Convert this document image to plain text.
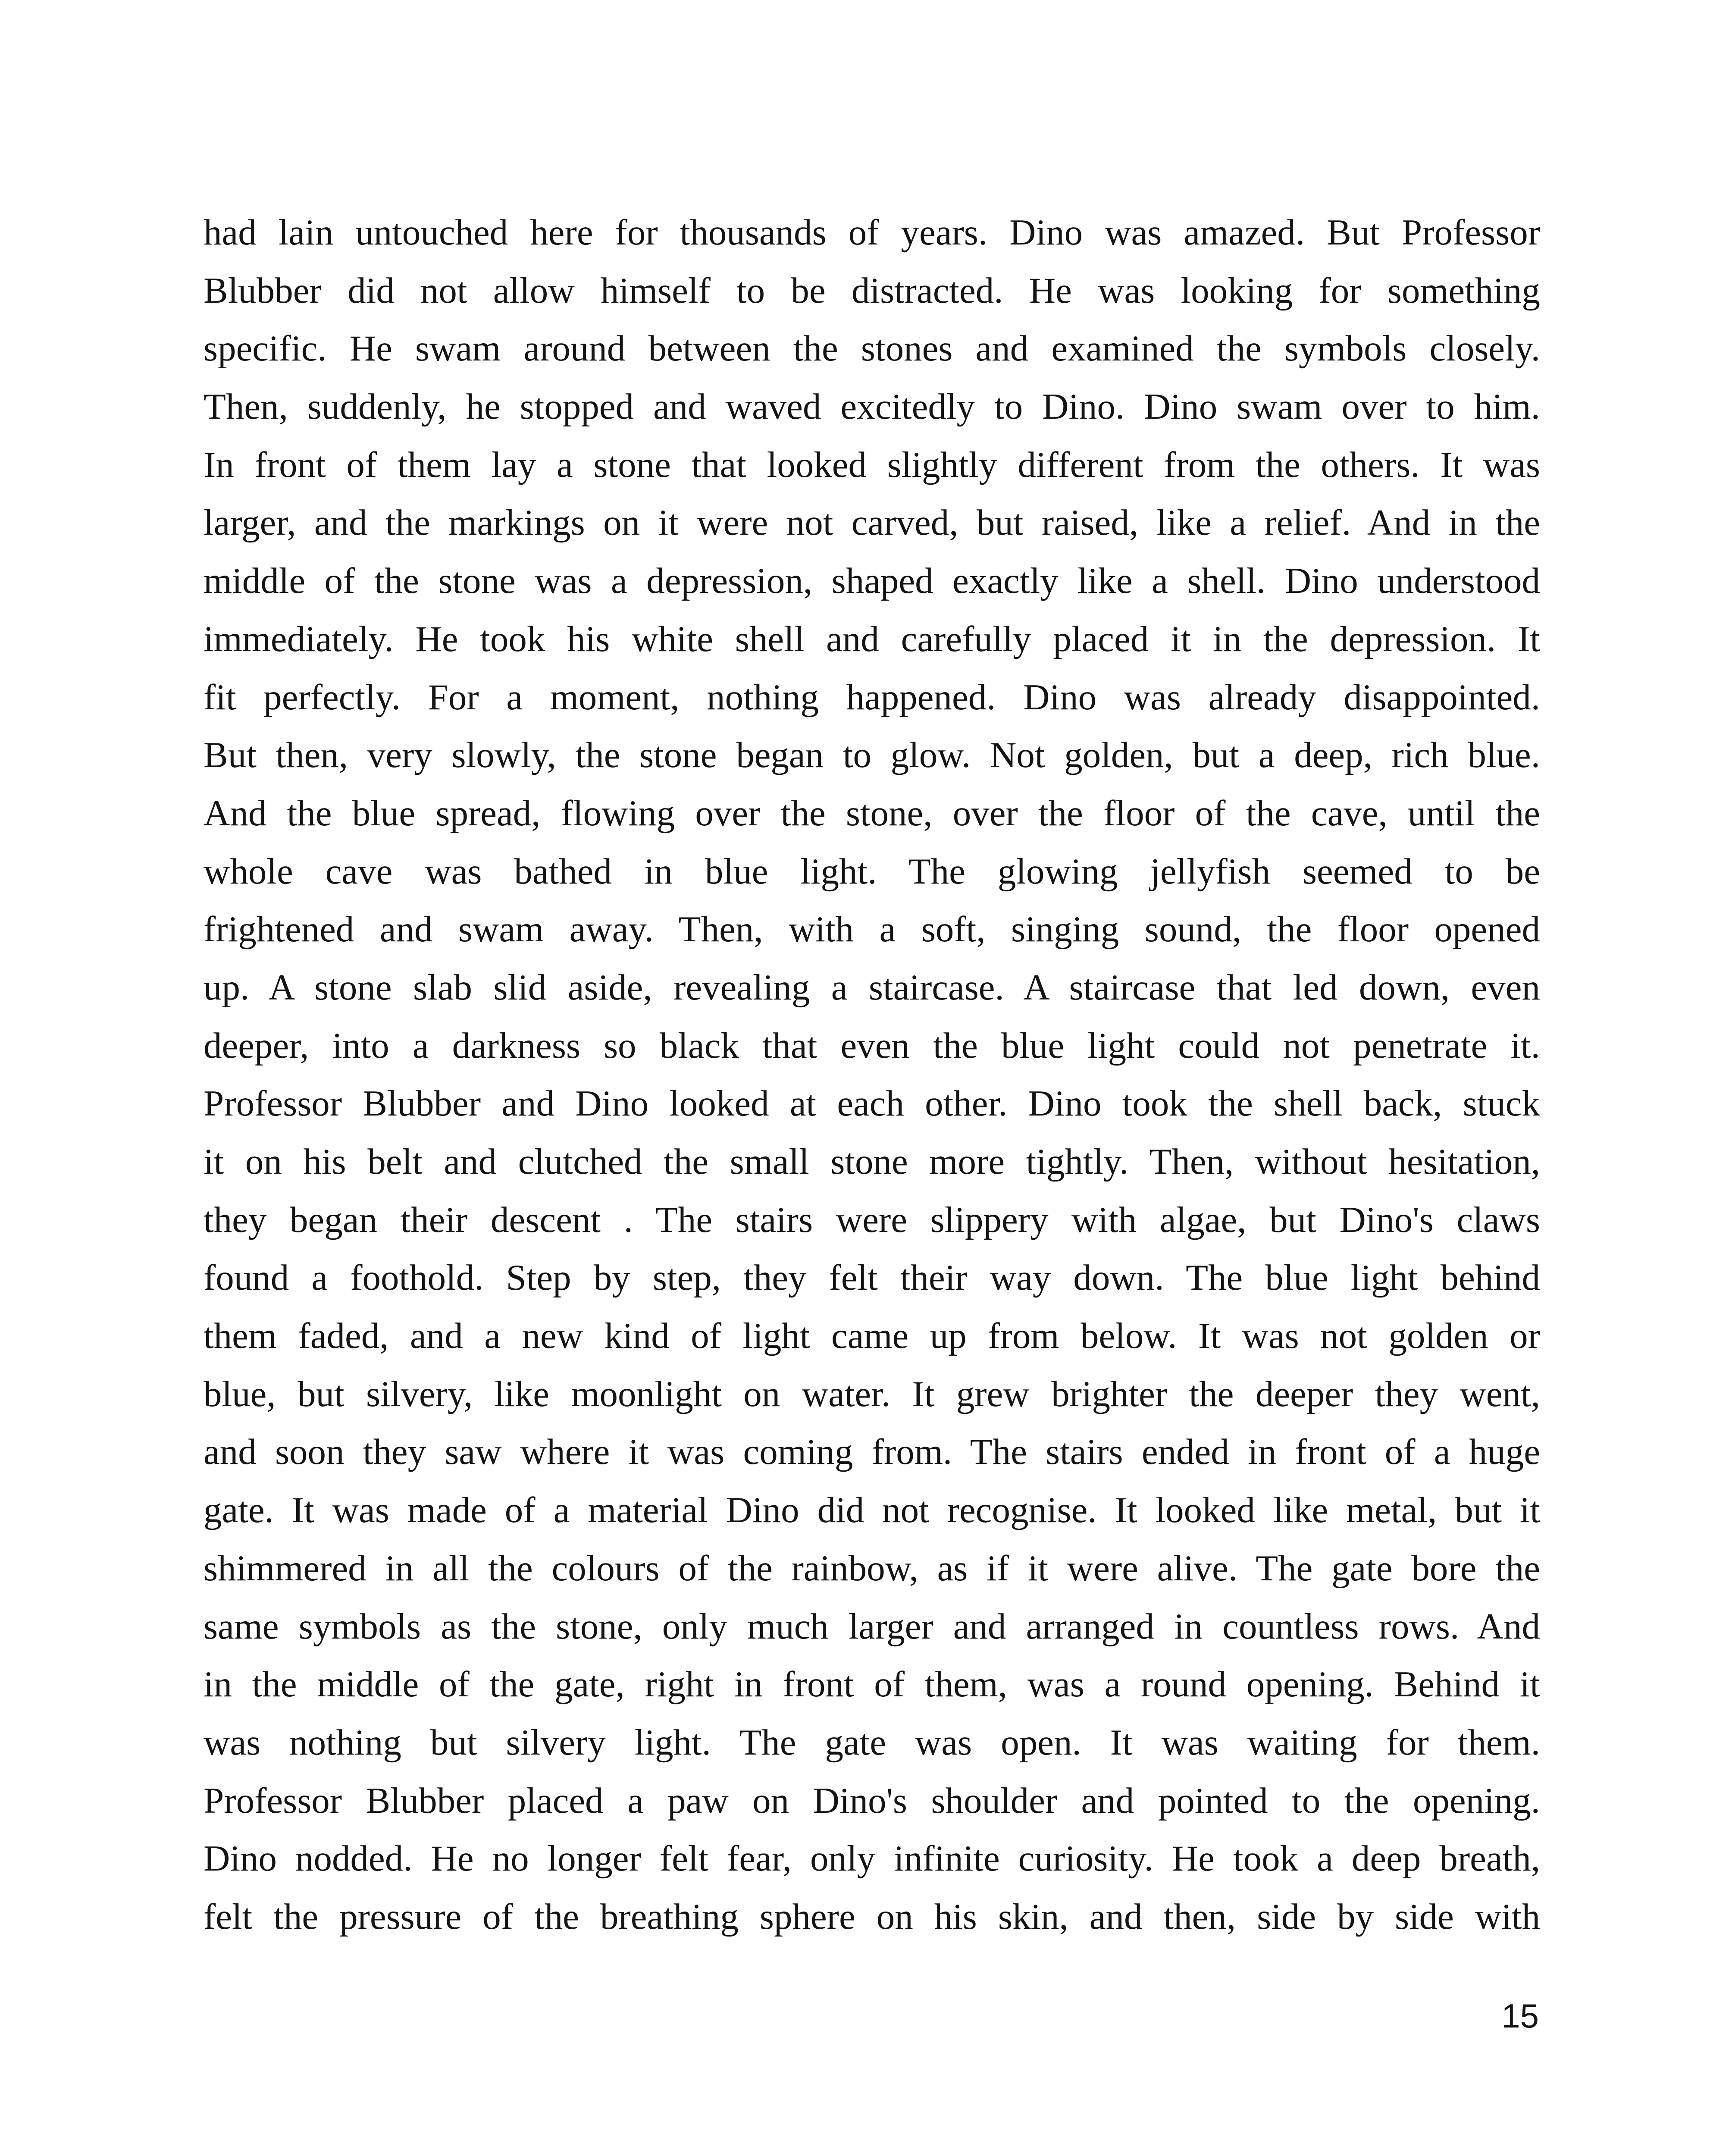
had lain untouched here for thousands of years. Dino was amazed. But Professor
Blubber did not allow himself to be distracted. He was looking for something
specific. He swam around between the stones and examined the symbols closely.
Then, suddenly, he stopped and waved excitedly to Dino. Dino swam over to him.
In front of them lay a stone that looked slightly different from the others. It was
larger, and the markings on it were not carved, but raised, like a relief. And in the
middle of the stone was a depression, shaped exactly like a shell. Dino understood
immediately. He took his white shell and carefully placed it in the depression. It
fit perfectly. For a moment, nothing happened. Dino was already disappointed.
But then, very slowly, the stone began to glow. Not golden, but a deep, rich blue.
And the blue spread, flowing over the stone, over the floor of the cave, until the
whole cave was bathed in blue light. The glowing jellyfish seemed to be
frightened and swam away. Then, with a soft, singing sound, the floor opened
up. A stone slab slid aside, revealing a staircase. A staircase that led down, even
deeper, into a darkness so black that even the blue light could not penetrate it.
Professor Blubber and Dino looked at each other. Dino took the shell back, stuck
it on his belt and clutched the small stone more tightly. Then, without hesitation,
they began their descent . The stairs were slippery with algae, but Dino's claws
found a foothold. Step by step, they felt their way down. The blue light behind
them faded, and a new kind of light came up from below. It was not golden or
blue, but silvery, like moonlight on water. It grew brighter the deeper they went,
and soon they saw where it was coming from. The stairs ended in front of a huge
gate. It was made of a material Dino did not recognise. It looked like metal, but it
shimmered in all the colours of the rainbow, as if it were alive. The gate bore the
same symbols as the stone, only much larger and arranged in countless rows. And
in the middle of the gate, right in front of them, was a round opening. Behind it
was nothing but silvery light. The gate was open. It was waiting for them.
Professor Blubber placed a paw on Dino's shoulder and pointed to the opening.
Dino nodded. He no longer felt fear, only infinite curiosity. He took a deep breath,
felt the pressure of the breathing sphere on his skin, and then, side by side with
15
